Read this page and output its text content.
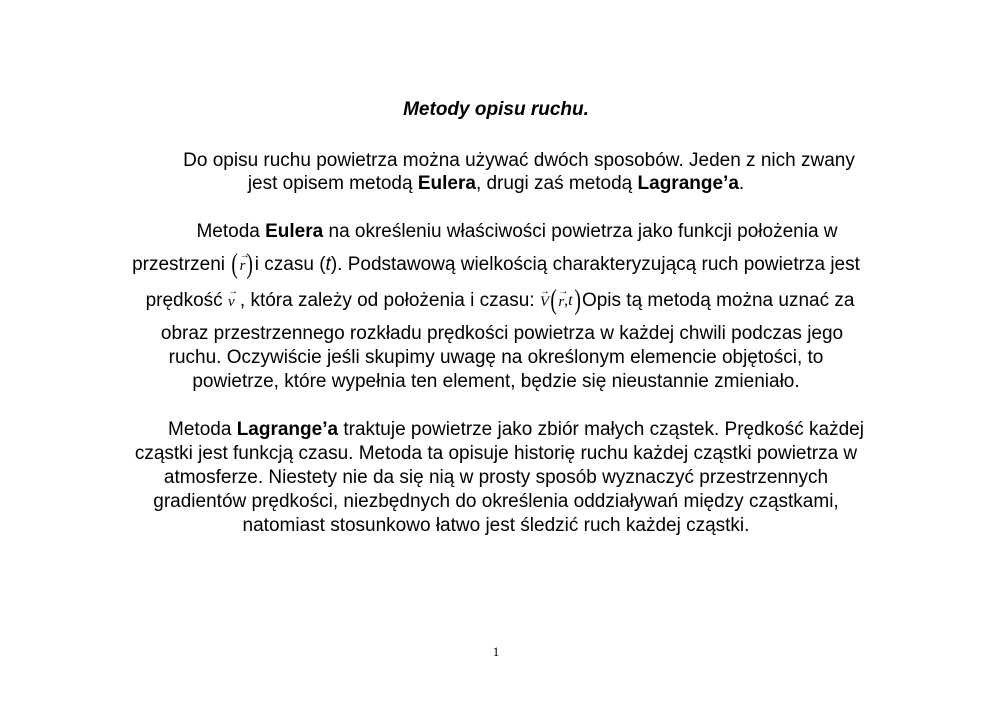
Metody opisu ruchu.
Do opisu ruchu powietrza można używać dwóch sposobów. Jeden z nich zwany
jest opisem metodą Eulera, drugi zaś metodą Lagrange’a.
Metoda Eulera na określeniu właściwości powietrza jako funkcji położenia w
przestrzeni ( →
r)i czasu (t). Podstawową wielkością charakteryzującą ruch powietrza jest
prędkość →
v , która zależy od położenia i czasu: →
V( →
r,t)Opis tą metodą można uznać za
obraz przestrzennego rozkładu prędkości powietrza w każdej chwili podczas jego
ruchu. Oczywiście jeśli skupimy uwagę na określonym elemencie objętości, to
powietrze, które wypełnia ten element, będzie się nieustannie zmieniało.
Metoda Lagrange’a traktuje powietrze jako zbiór małych cząstek. Prędkość każdej
cząstki jest funkcją czasu. Metoda ta opisuje historię ruchu każdej cząstki powietrza w
atmosferze. Niestety nie da się nią w prosty sposób wyznaczyć przestrzennych
gradientów prędkości, niezbędnych do określenia oddziaływań między cząstkami,
natomiast stosunkowo łatwo jest śledzić ruch każdej cząstki.
1
